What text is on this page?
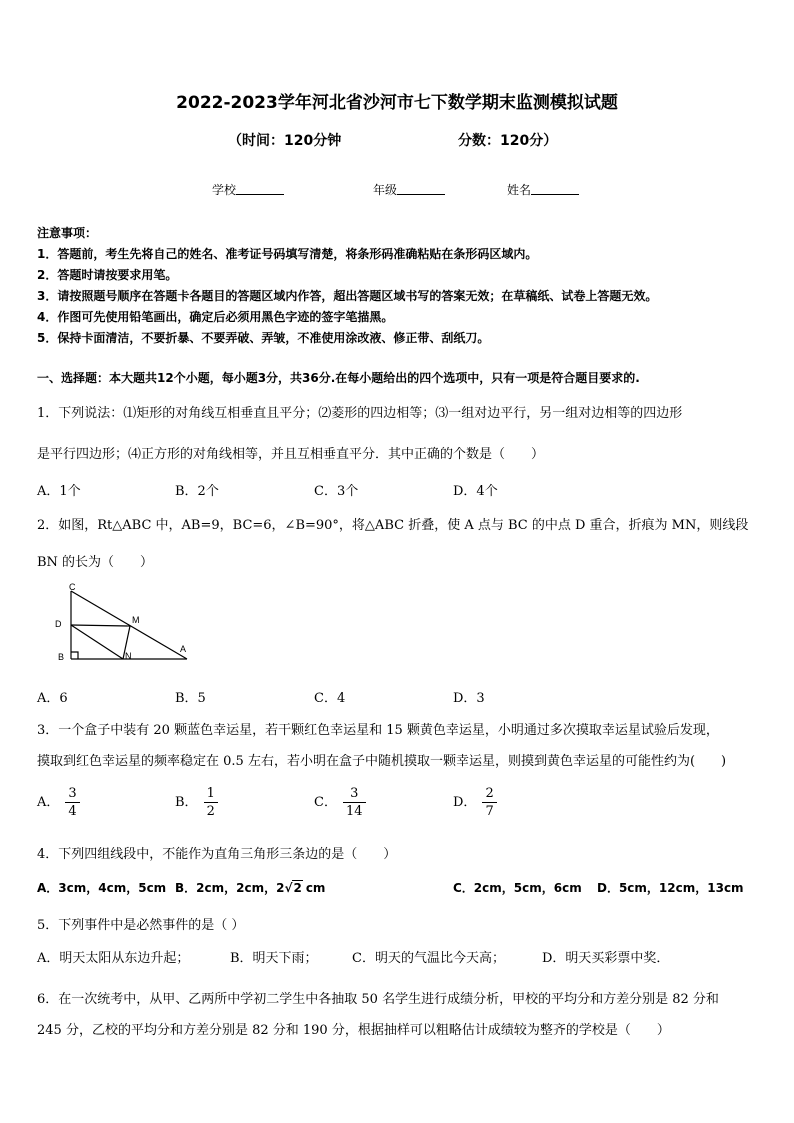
2022-2023学年河北省沙河市七下数学期末监测模拟试题
（时间：120分钟	分数：120分）
学校	年级	姓名
注意事项：
1．答题前，考生先将自己的姓名、准考证号码填写清楚，将条形码准确粘贴在条形码区域内。
2．答题时请按要求用笔。
3．请按照题号顺序在答题卡各题目的答题区域内作答，超出答题区域书写的答案无效；在草稿纸、试卷上答题无效。
4．作图可先使用铅笔画出，确定后必须用黑色字迹的签字笔描黑。
5．保持卡面清洁，不要折暴、不要弄破、弄皱，不准使用涂改液、修正带、刮纸刀。
一、选择题：本大题共12个小题，每小题3分，共36分.在每小题给出的四个选项中，只有一项是符合题目要求的.
1．下列说法：⑴矩形的对角线互相垂直且平分；⑵菱形的四边相等；⑶一组对边平行，另一组对边相等的四边形
是平行四边形；⑷正方形的对角线相等，并且互相垂直平分．其中正确的个数是（　　）
A．1个	B．2个	C．3个	D．4个
2．如图，Rt△ABC 中，AB=9，BC=6，∠B=90°，将△ABC 折叠，使 A 点与 BC 的中点 D 重合，折痕为 MN，则线段
BN 的长为（　　）
C
D	M
B	N
A
A．6	B．5	C．4	D．3
3．一个盒子中装有 20 颗蓝色幸运星，若干颗红色幸运星和 15 颗黄色幸运星，小明通过多次摸取幸运星试验后发现，
摸取到红色幸运星的频率稳定在 0.5 左右，若小明在盒子中随机摸取一颗幸运星，则摸到黄色幸运星的可能性约为(　　)
A． $\frac{3}{4}$	B． $\frac{1}{2}$	C． $\frac{3}{14}$	D． $\frac{2}{7}$
4．下列四组线段中，不能作为直角三角形三条边的是（　　）
A．3cm，4cm，5cm B．2cm，2cm，2√2 cm	C．2cm，5cm，6cm D．5cm，12cm，13cm
5．下列事件中是必然事件的是（ ）
A．明天太阳从东边升起；	B．明天下雨；	C．明天的气温比今天高；	D．明天买彩票中奖．
6．在一次统考中，从甲、乙两所中学初二学生中各抽取 50 名学生进行成绩分析，甲校的平均分和方差分别是 82 分和
245 分，乙校的平均分和方差分别是 82 分和 190 分，根据抽样可以粗略估计成绩较为整齐的学校是（　　）
